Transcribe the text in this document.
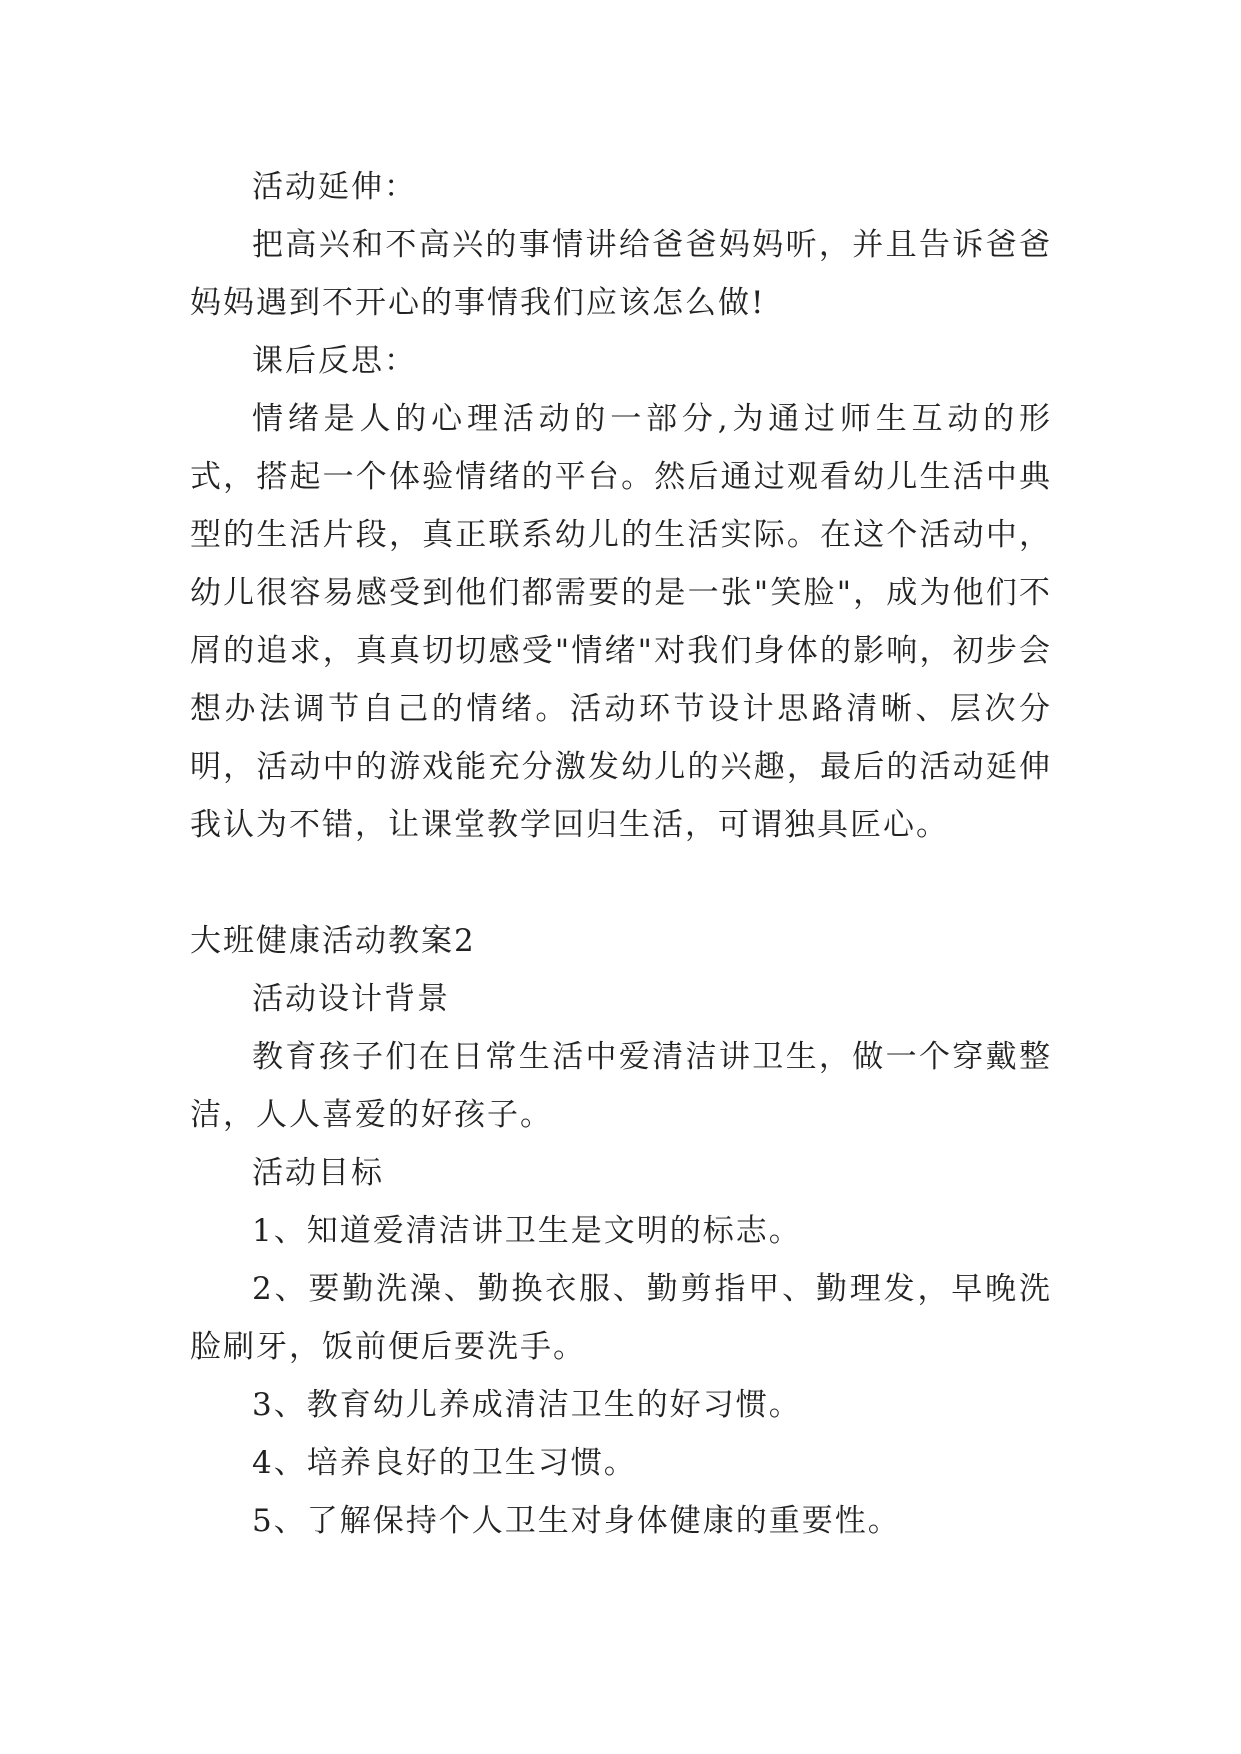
活动延伸：

把高兴和不高兴的事情讲给爸爸妈妈听，并且告诉爸爸妈妈遇到不开心的事情我们应该怎么做!

课后反思：

情绪是人的心理活动的一部分,为通过师生互动的形式，搭起一个体验情绪的平台。然后通过观看幼儿生活中典型的生活片段，真正联系幼儿的生活实际。在这个活动中，幼儿很容易感受到他们都需要的是一张"笑脸"，成为他们不屑的追求，真真切切感受"情绪"对我们身体的影响，初步会想办法调节自己的情绪。活动环节设计思路清晰、层次分明，活动中的游戏能充分激发幼儿的兴趣，最后的活动延伸我认为不错，让课堂教学回归生活，可谓独具匠心。

大班健康活动教案2

活动设计背景

教育孩子们在日常生活中爱清洁讲卫生，做一个穿戴整洁，人人喜爱的好孩子。

活动目标

1、知道爱清洁讲卫生是文明的标志。

2、要勤洗澡、勤换衣服、勤剪指甲、勤理发，早晚洗脸刷牙，饭前便后要洗手。

3、教育幼儿养成清洁卫生的好习惯。

4、培养良好的卫生习惯。

5、了解保持个人卫生对身体健康的重要性。
